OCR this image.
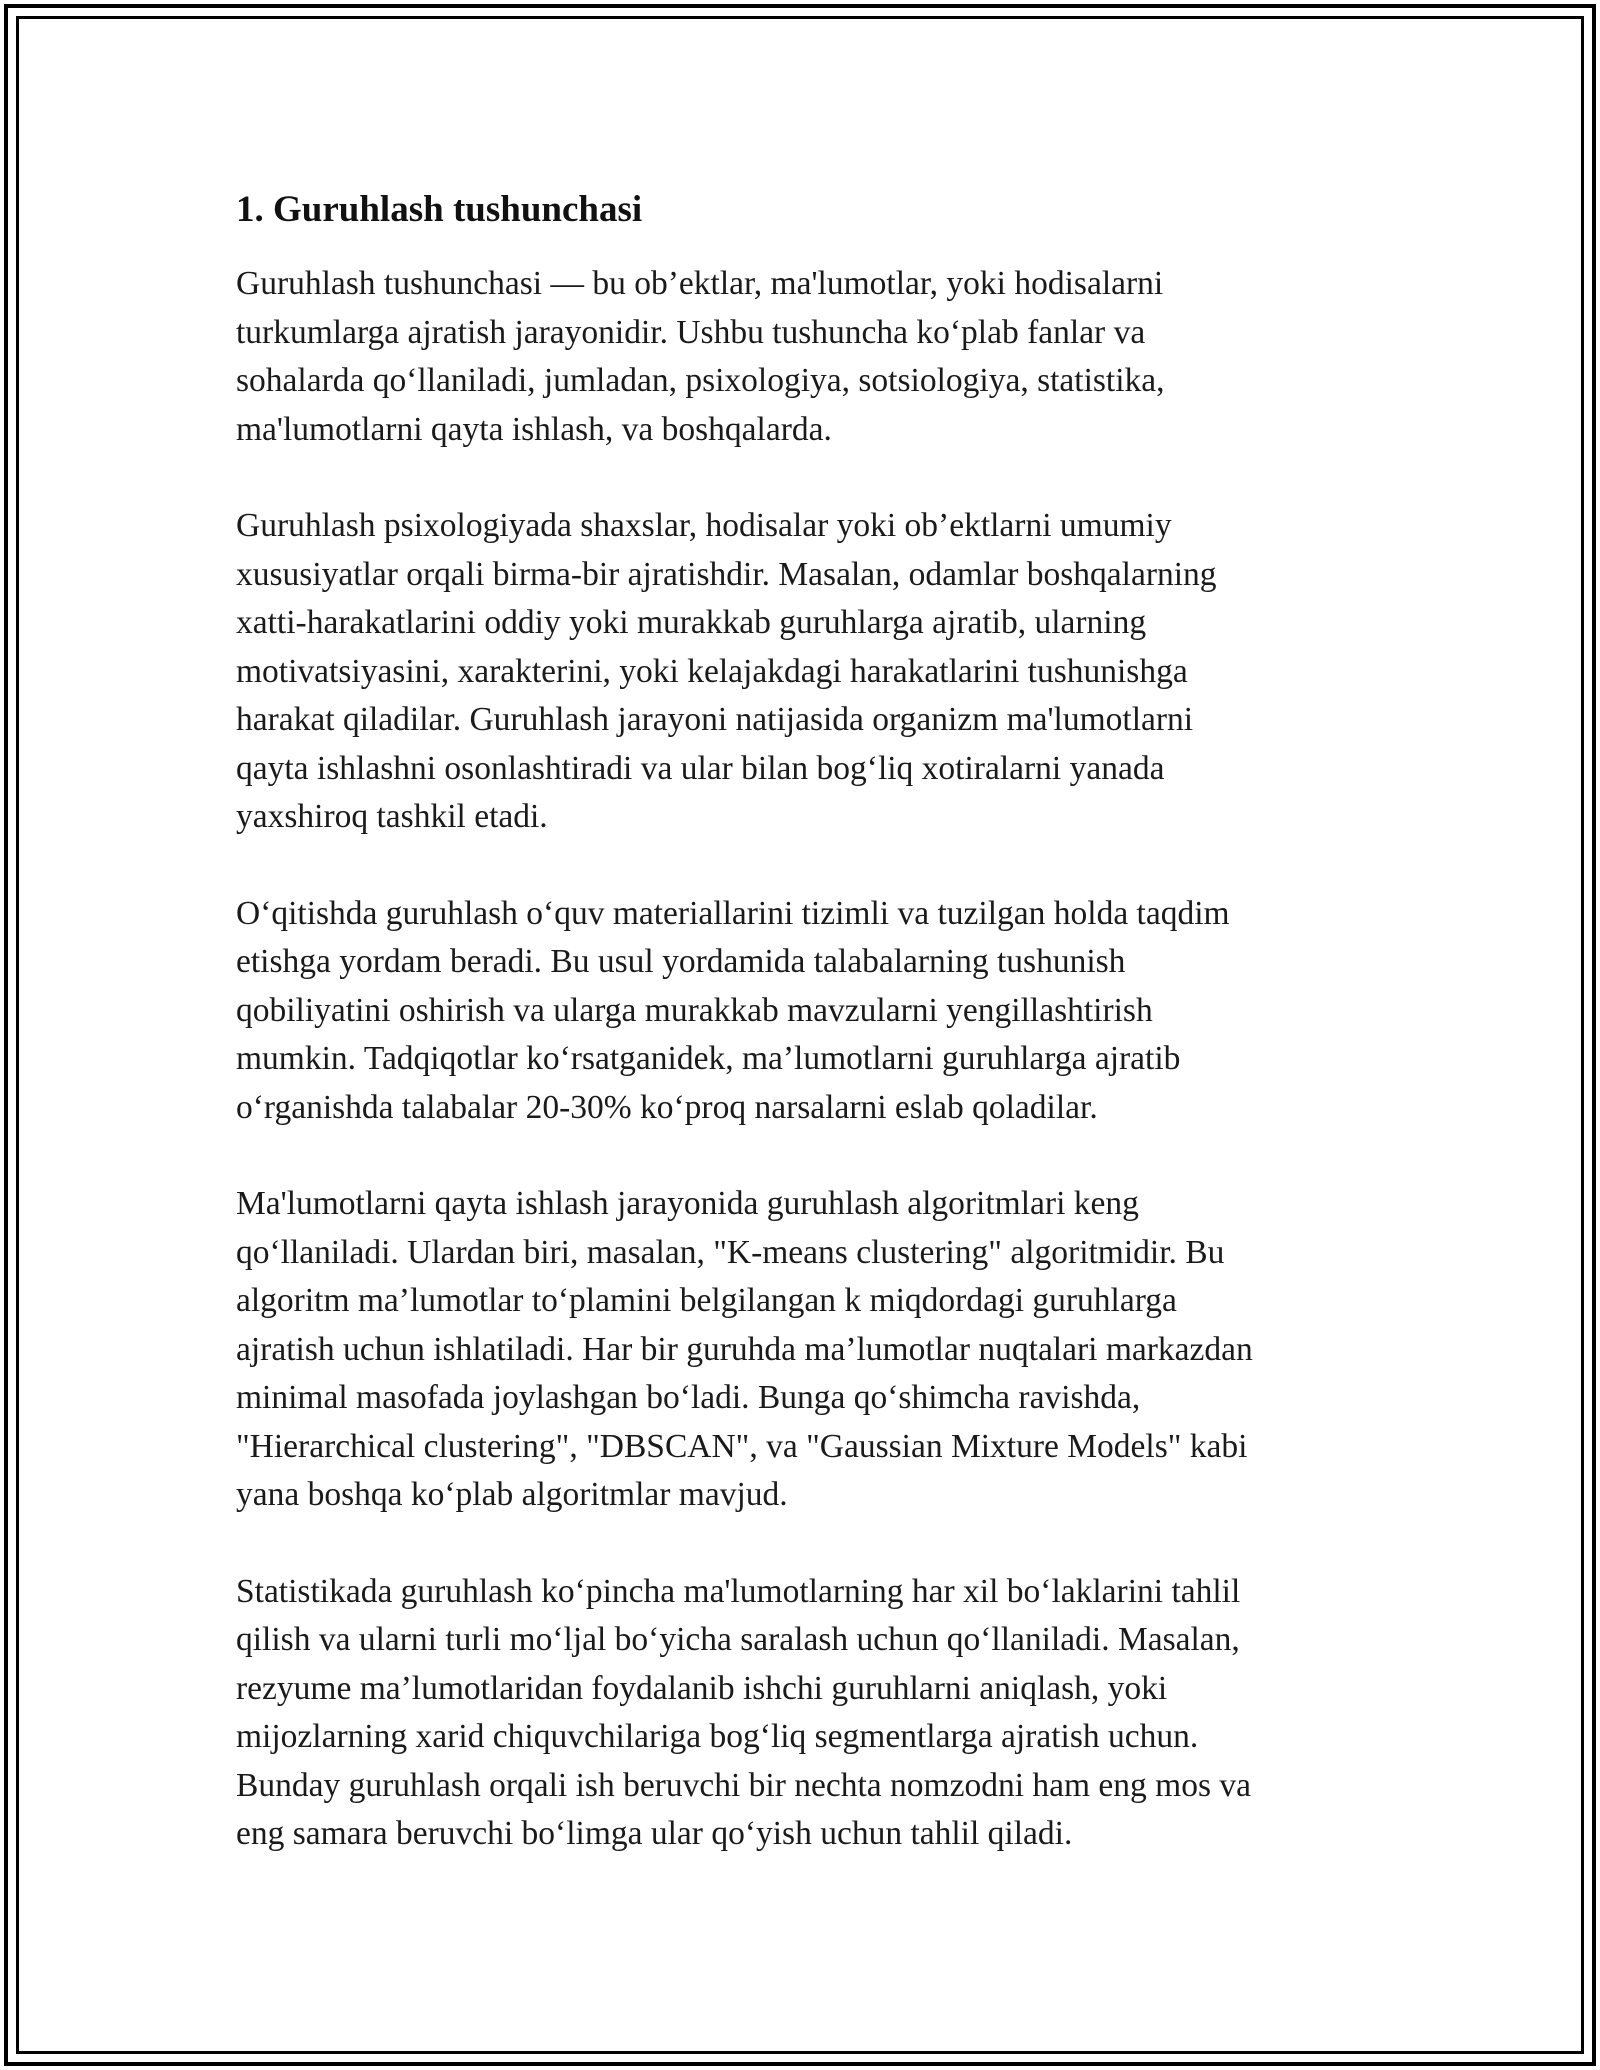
1. Guruhlash tushunchasi

Guruhlash tushunchasi — bu ob’ektlar, ma'lumotlar, yoki hodisalarni
turkumlarga ajratish jarayonidir. Ushbu tushuncha ko‘plab fanlar va
sohalarda qo‘llaniladi, jumladan, psixologiya, sotsiologiya, statistika,
ma'lumotlarni qayta ishlash, va boshqalarda.

Guruhlash psixologiyada shaxslar, hodisalar yoki ob’ektlarni umumiy
xususiyatlar orqali birma-bir ajratishdir. Masalan, odamlar boshqalarning
xatti-harakatlarini oddiy yoki murakkab guruhlarga ajratib, ularning
motivatsiyasini, xarakterini, yoki kelajakdagi harakatlarini tushunishga
harakat qiladilar. Guruhlash jarayoni natijasida organizm ma'lumotlarni
qayta ishlashni osonlashtiradi va ular bilan bog‘liq xotiralarni yanada
yaxshiroq tashkil etadi.

O‘qitishda guruhlash o‘quv materiallarini tizimli va tuzilgan holda taqdim
etishga yordam beradi. Bu usul yordamida talabalarning tushunish
qobiliyatini oshirish va ularga murakkab mavzularni yengillashtirish
mumkin. Tadqiqotlar ko‘rsatganidek, ma’lumotlarni guruhlarga ajratib
o‘rganishda talabalar 20-30% ko‘proq narsalarni eslab qoladilar.

Ma'lumotlarni qayta ishlash jarayonida guruhlash algoritmlari keng
qo‘llaniladi. Ulardan biri, masalan, "K-means clustering" algoritmidir. Bu
algoritm ma’lumotlar to‘plamini belgilangan k miqdordagi guruhlarga
ajratish uchun ishlatiladi. Har bir guruhda ma’lumotlar nuqtalari markazdan
minimal masofada joylashgan bo‘ladi. Bunga qo‘shimcha ravishda,
"Hierarchical clustering", "DBSCAN", va "Gaussian Mixture Models" kabi
yana boshqa ko‘plab algoritmlar mavjud.

Statistikada guruhlash ko‘pincha ma'lumotlarning har xil bo‘laklarini tahlil
qilish va ularni turli mo‘ljal bo‘yicha saralash uchun qo‘llaniladi. Masalan,
rezyume ma’lumotlaridan foydalanib ishchi guruhlarni aniqlash, yoki
mijozlarning xarid chiquvchilariga bog‘liq segmentlarga ajratish uchun.
Bunday guruhlash orqali ish beruvchi bir nechta nomzodni ham eng mos va
eng samara beruvchi bo‘limga ular qo‘yish uchun tahlil qiladi.
